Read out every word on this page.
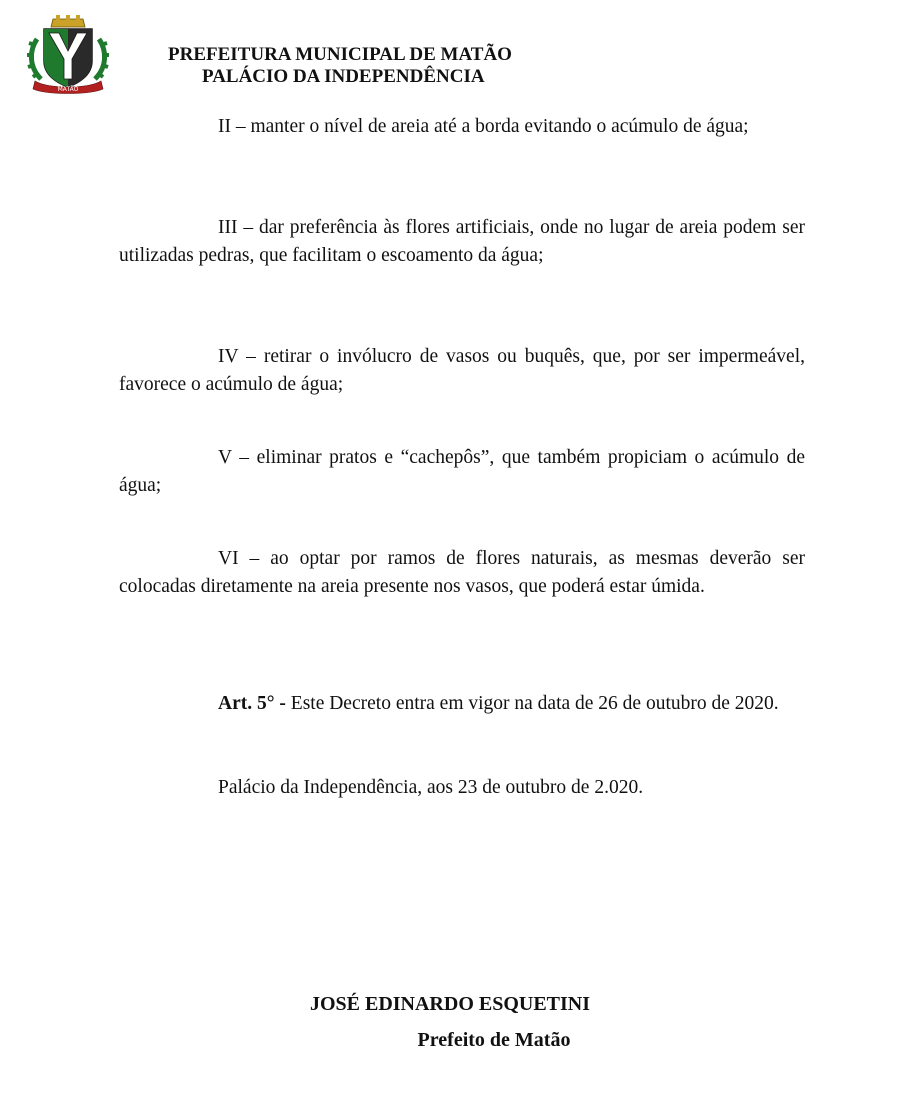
MATÃO
PREFEITURA MUNICIPAL DE MATÃO
PALÁCIO DA INDEPENDÊNCIA

II – manter o nível de areia até a borda evitando o acúmulo de água;

III – dar preferência às flores artificiais, onde no lugar de areia podem ser utilizadas pedras, que facilitam o escoamento da água;

IV – retirar o invólucro de vasos ou buquês, que, por ser impermeável, favorece o acúmulo de água;

V – eliminar pratos e “cachepôs”, que também propiciam o acúmulo de água;

VI – ao optar por ramos de flores naturais, as mesmas deverão ser colocadas diretamente na areia presente nos vasos, que poderá estar úmida.

Art. 5° - Este Decreto entra em vigor na data de 26 de outubro de 2020.

Palácio da Independência, aos 23 de outubro de 2.020.

JOSÉ EDINARDO ESQUETINI
Prefeito de Matão
